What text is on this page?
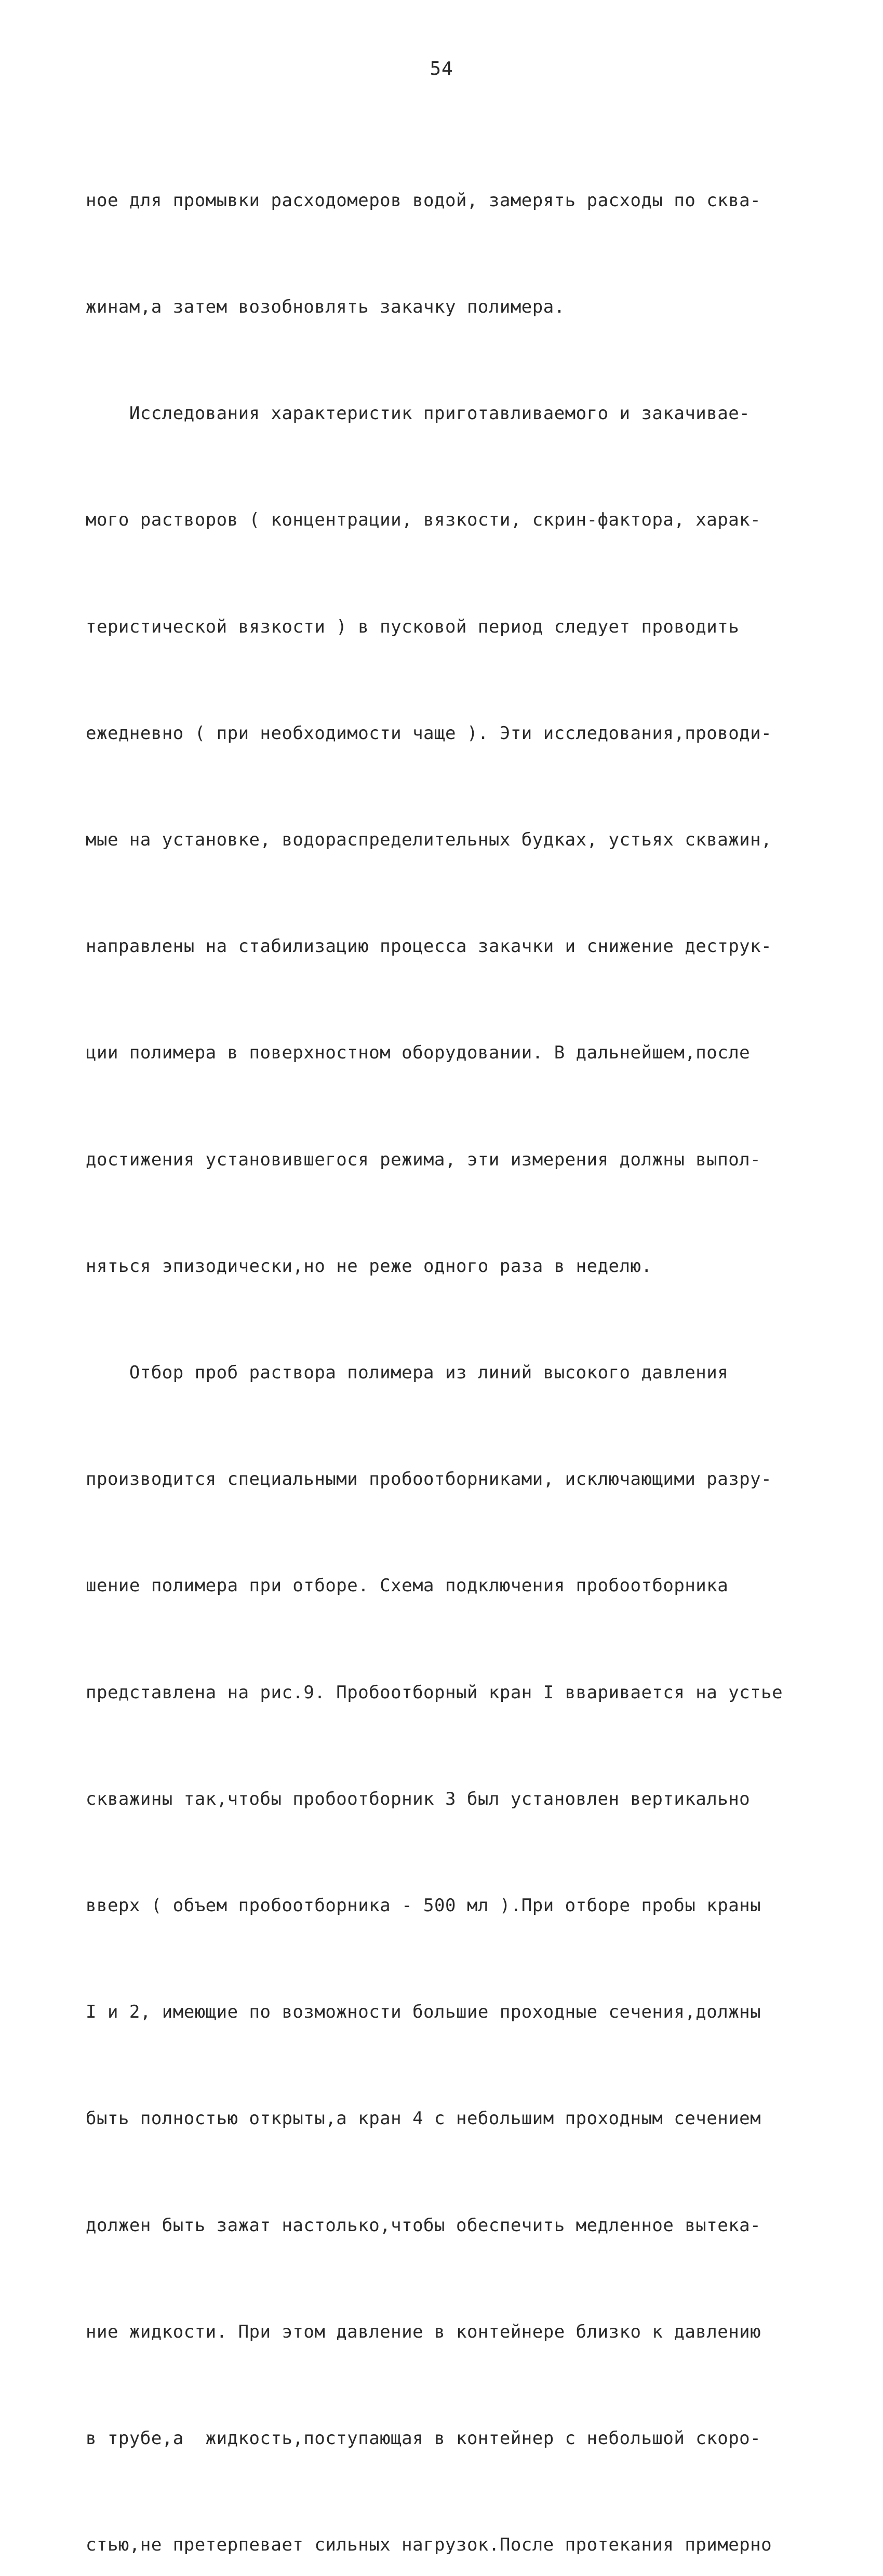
54

ное для промывки расходомеров водой, замерять расходы по сква-

жинам,а затем возобновлять закачку полимера.

Исследования характеристик приготавливаемого и закачивае-

мого растворов ( концентрации, вязкости, скрин-фактора, харак-

теристической вязкости ) в пусковой период следует проводить

ежедневно ( при необходимости чаще ). Эти исследования,проводи-

мые на установке, водораспределительных будках, устьях скважин,

направлены на стабилизацию процесса закачки и снижение деструк-

ции полимера в поверхностном оборудовании. В дальнейшем,после

достижения установившегося режима, эти измерения должны выпол-

няться эпизодически,но не реже одного раза в неделю.

Отбор проб раствора полимера из линий высокого давления

производится специальными пробоотборниками, исключающими разру-

шение полимера при отборе. Схема подключения пробоотборника

представлена на рис.9. Пробоотборный кран I вваривается на устье

скважины так,чтобы пробоотборник 3 был установлен вертикально

вверх ( объем пробоотборника - 500 мл ).При отборе пробы краны

I и 2, имеющие по возможности большие проходные сечения,должны

быть полностью открыты,а кран 4 с небольшим проходным сечением

должен быть зажат настолько,чтобы обеспечить медленное вытека-

ние жидкости. При этом давление в контейнере близко к давлению

в трубе,а  жидкость,поступающая в контейнер с небольшой скоро-

стью,не претерпевает сильных нагрузок.После протекания примерно
